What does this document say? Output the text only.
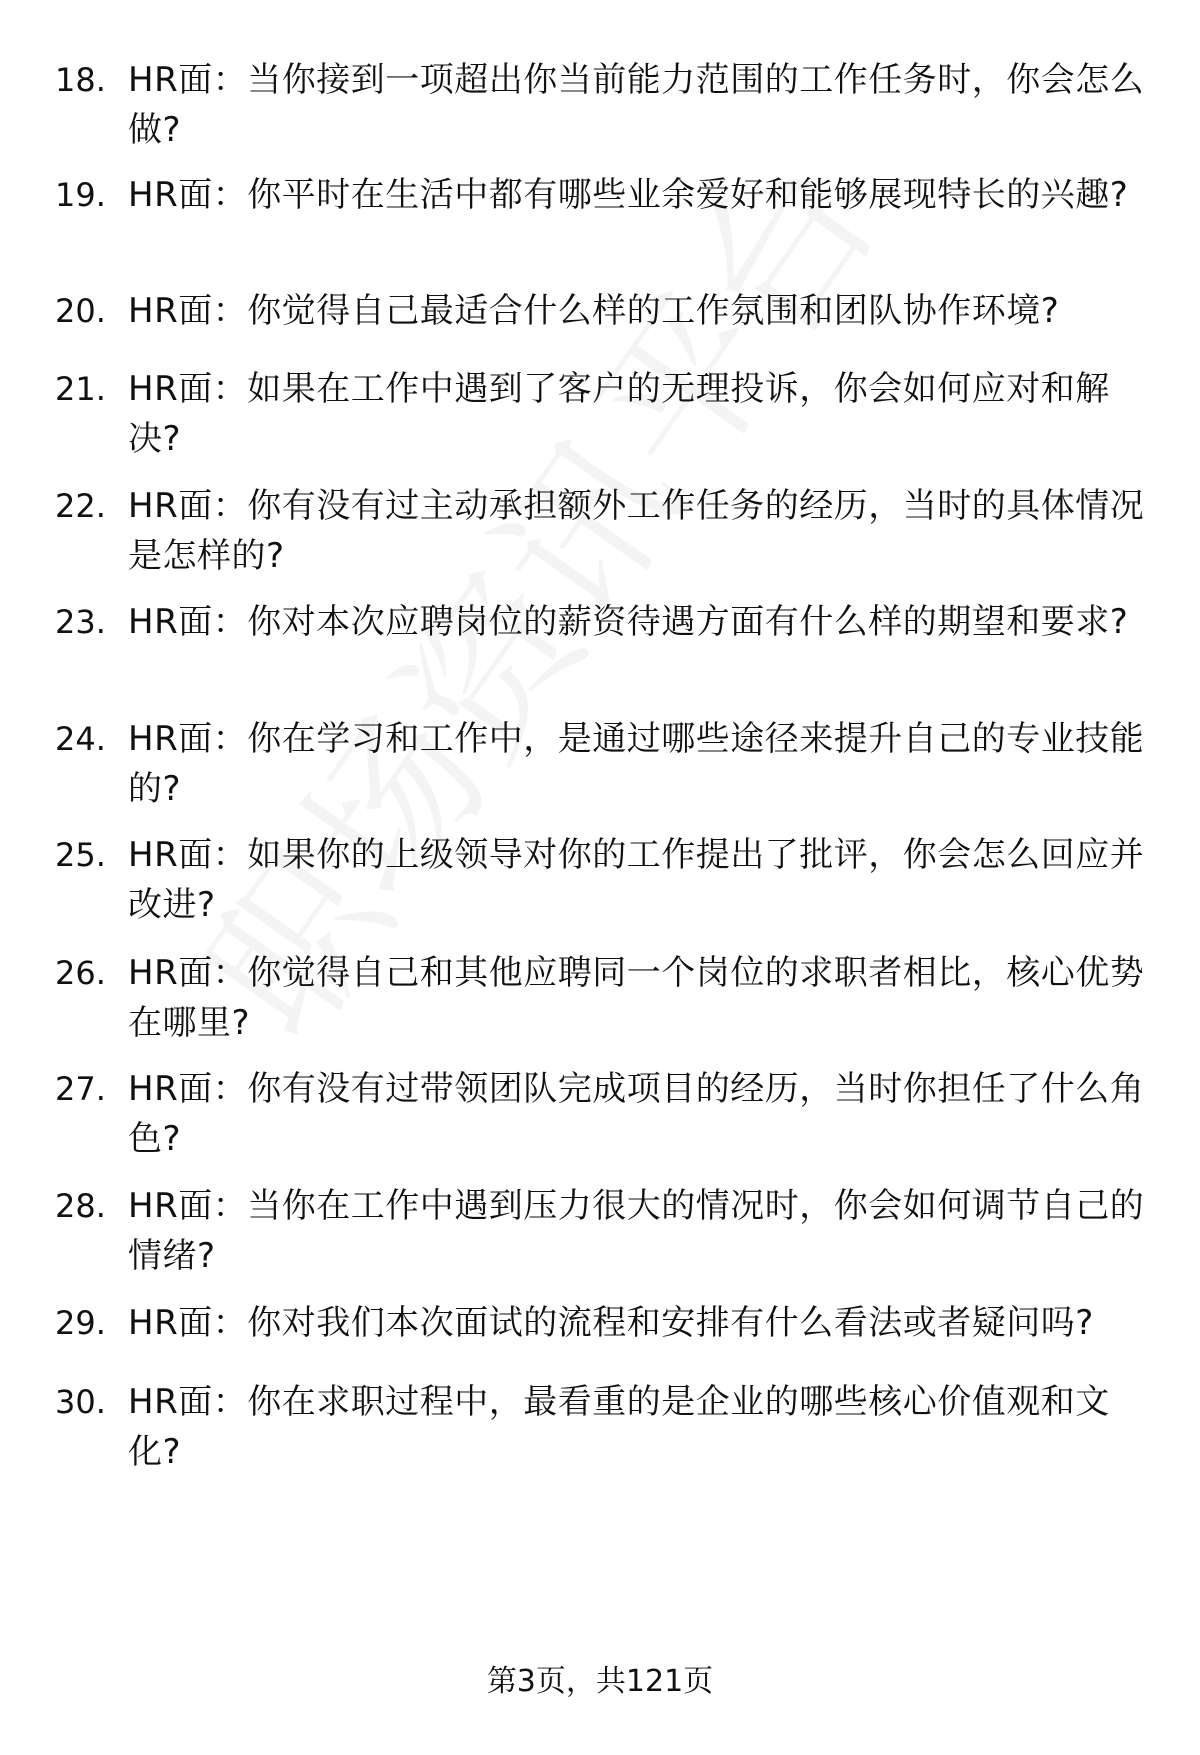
18. HR面：当你接到一项超出你当前能力范围的工作任务时，你会怎么做?
19. HR面：你平时在生活中都有哪些业余爱好和能够展现特长的兴趣?
20. HR面：你觉得自己最适合什么样的工作氛围和团队协作环境?
21. HR面：如果在工作中遇到了客户的无理投诉，你会如何应对和解决?
22. HR面：你有没有过主动承担额外工作任务的经历，当时的具体情况是怎样的?
23. HR面：你对本次应聘岗位的薪资待遇方面有什么样的期望和要求?
24. HR面：你在学习和工作中，是通过哪些途径来提升自己的专业技能的?
25. HR面：如果你的上级领导对你的工作提出了批评，你会怎么回应并改进?
26. HR面：你觉得自己和其他应聘同一个岗位的求职者相比，核心优势在哪里?
27. HR面：你有没有过带领团队完成项目的经历，当时你担任了什么角色?
28. HR面：当你在工作中遇到压力很大的情况时，你会如何调节自己的情绪?
29. HR面：你对我们本次面试的流程和安排有什么看法或者疑问吗?
30. HR面：你在求职过程中，最看重的是企业的哪些核心价值观和文化?
第3页，共121页
